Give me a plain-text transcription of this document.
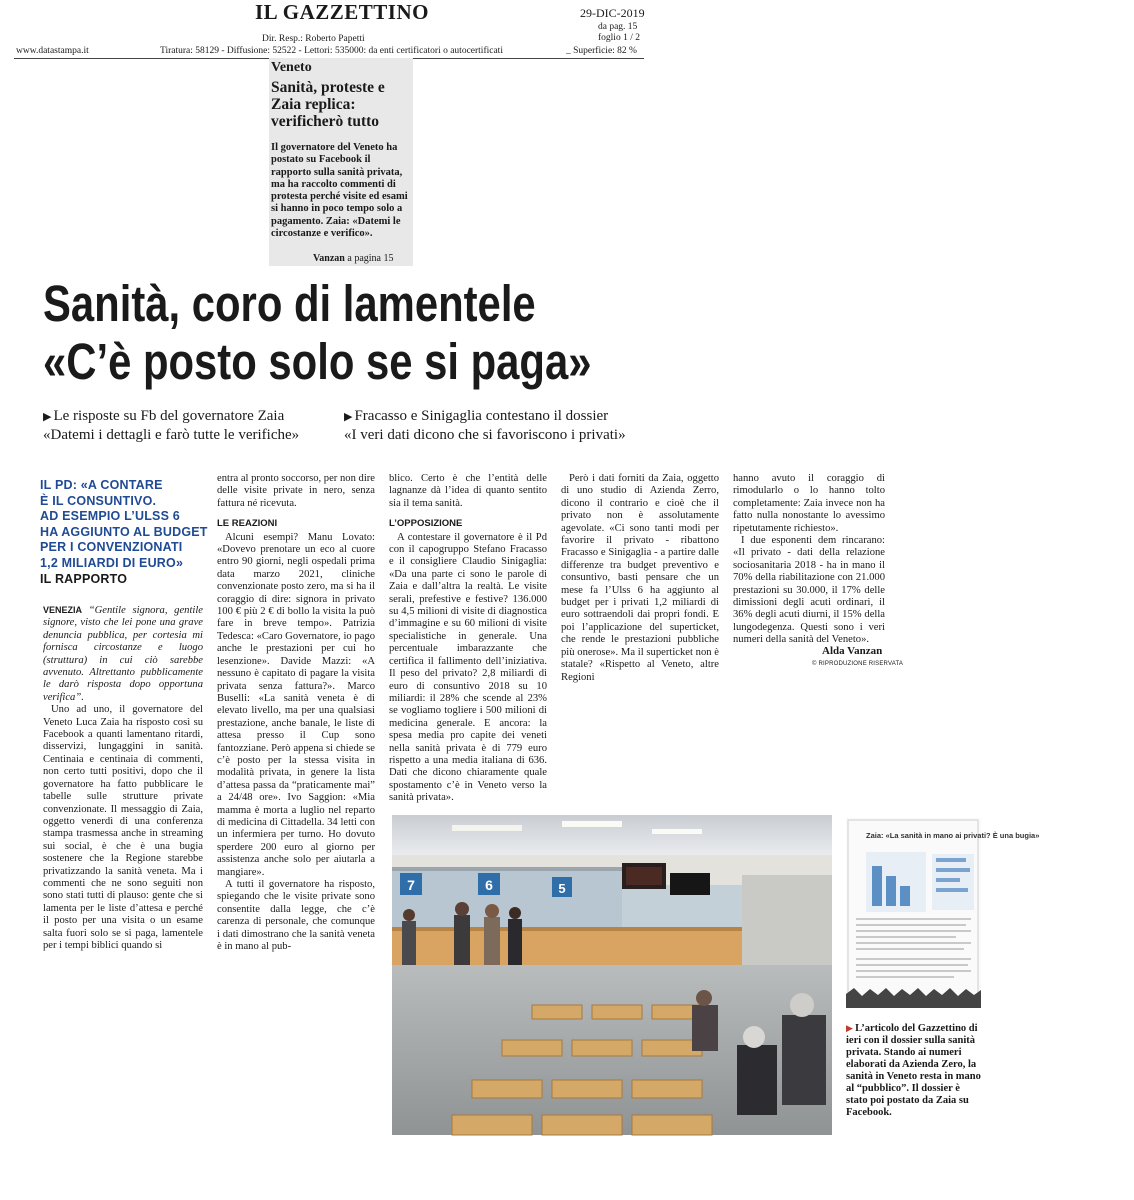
IL GAZZETTINO	29-DIC-2019
da pag. 15
foglio 1 / 2
Dir. Resp.: Roberto Papetti
www.datastampa.it	Tiratura: 58129 - Diffusione: 52522 - Lettori: 535000: da enti certificatori o autocertificati	_ Superficie: 82 %
Veneto
Sanità, proteste e Zaia replica: verificherò tutto
Il governatore del Veneto ha postato su Facebook il rapporto sulla sanità privata, ma ha raccolto commenti di protesta perché visite ed esami si hanno in poco tempo solo a pagamento. Zaia: «Datemi le circostanze e verifico».
Vanzan a pagina 15
Sanità, coro di lamentele
«C’è posto solo se si paga»
▶ Le risposte su Fb del governatore Zaia
«Datemi i dettagli e farò tutte le verifiche»
▶ Fracasso e Sinigaglia contestano il dossier
«I veri dati dicono che si favoriscono i privati»
IL PD: «A CONTARE
È IL CONSUNTIVO.
AD ESEMPIO L’ULSS 6
HA AGGIUNTO AL BUDGET
PER I CONVENZIONATI
1,2 MILIARDI DI EURO»
IL RAPPORTO

VENEZIA “Gentile signora, gentile signore, visto che lei pone una grave denuncia pubblica, per cortesia mi fornisca circostanze e luogo (struttura) in cui ciò sarebbe avvenuto. Altrettanto pubblicamente le darò risposta dopo opportuna verifica”.

Uno ad uno, il governatore del Veneto Luca Zaia ha risposto così su Facebook a quanti lamentano ritardi, disservizi, lungaggini in sanità. Centinaia e centinaia di commenti, non certo tutti positivi, dopo che il governatore ha fatto pubblicare le tabelle sulle strutture private convenzionate. Il messaggio di Zaia, oggetto venerdì di una conferenza stampa trasmessa anche in streaming sui social, è che è una bugia sostenere che la Regione starebbe privatizzando la sanità veneta. Ma i commenti che ne sono seguiti non sono stati tutti di plauso: gente che si lamenta per le liste d’attesa e perché il posto per una visita o un esame salta fuori solo se si paga, lamentele per i tempi biblici quando si

entra al pronto soccorso, per non dire delle visite private in nero, senza fattura né ricevuta.

LE REAZIONI

Alcuni esempi? Manu Lovato: «Dovevo prenotare un eco al cuore entro 90 giorni, negli ospedali prima data marzo 2021, cliniche convenzionate posto zero, ma si ha il coraggio di dire: signora in privato 100 € più 2 € di bollo la visita la può fare in breve tempo». Patrizia Tedesca: «Caro Governatore, io pago anche le prestazioni per cui ho lesenzione». Davide Mazzi: «A nessuno è capitato di pagare la visita privata senza fattura?». Marco Buselli: «La sanità veneta è di elevato livello, ma per una qualsiasi prestazione, anche banale, le liste di attesa presso il Cup sono fantozziane. Però appena si chiede se c’è posto per la stessa visita in modalità privata, in genere la lista d’attesa passa da “praticamente mai” a 24/48 ore». Ivo Saggion: «Mia mamma è morta a luglio nel reparto di medicina di Cittadella. 34 letti con un infermiera per turno. Ho dovuto sperdere 200 euro al giorno per assistenza anche solo per aiutarla a mangiare».

A tutti il governatore ha risposto, spiegando che le visite private sono consentite dalla legge, che c’è carenza di personale, che comunque i dati dimostrano che la sanità veneta è in mano al pub-

blico. Certo è che l’entità delle lagnanze dà l’idea di quanto sentito sia il tema sanità.

L’OPPOSIZIONE

A contestare il governatore è il Pd con il capogruppo Stefano Fracasso e il consigliere Claudio Sinigaglia: «Da una parte ci sono le parole di Zaia e dall’altra la realtà. Le visite serali, prefestive e festive? 136.000 su 4,5 milioni di visite di diagnostica d’immagine e su 60 milioni di visite specialistiche in generale. Una percentuale imbarazzante che certifica il fallimento dell’iniziativa. Il peso del privato? 2,8 miliardi di euro di consuntivo 2018 su 10 miliardi: il 28% che scende al 23% se vogliamo togliere i 500 milioni di medicina generale. E ancora: la spesa media pro capite dei veneti nella sanità privata è di 779 euro rispetto a una media italiana di 636. Dati che dicono chiaramente quale spostamento c’è in Veneto verso la sanità privata».

Però i dati forniti da Zaia, oggetto di uno studio di Azienda Zerro, dicono il contrario e cioè che il privato non è assolutamente agevolate. «Ci sono tanti modi per favorire il privato - ribattono Fracasso e Sinigaglia - a partire dalle differenze tra budget preventivo e consuntivo, basti pensare che un mese fa l’Ulss 6 ha aggiunto al budget per i privati 1,2 miliardi di euro sottraendoli dai propri fondi. E poi l’applicazione del superticket, che rende le prestazioni pubbliche più onerose». Ma il superticket non è statale? «Rispetto al Veneto, altre Regioni

hanno avuto il coraggio di rimodularlo o lo hanno tolto completamente: Zaia invece non ha fatto nulla nonostante lo avessimo ripetutamente richiesto».

I due esponenti dem rincarano: «Il privato - dati della relazione sociosanitaria 2018 - ha in mano il 70% della riabilitazione con 21.000 prestazioni su 30.000, il 17% delle dimissioni degli acuti ordinari, il 36% degli acuti diurni, il 15% della lungodegenza. Questi sono i veri numeri della sanità del Veneto».

Alda Vanzan
© RIPRODUZIONE RISERVATA
7	6	5
Zaia: «La sanità in mano ai privati? È una bugia»
▶ L’articolo del Gazzettino di ieri con il dossier sulla sanità privata. Stando ai numeri elaborati da Azienda Zero, la sanità in Veneto resta in mano al “pubblico”. Il dossier è stato poi postato da Zaia su Facebook.
